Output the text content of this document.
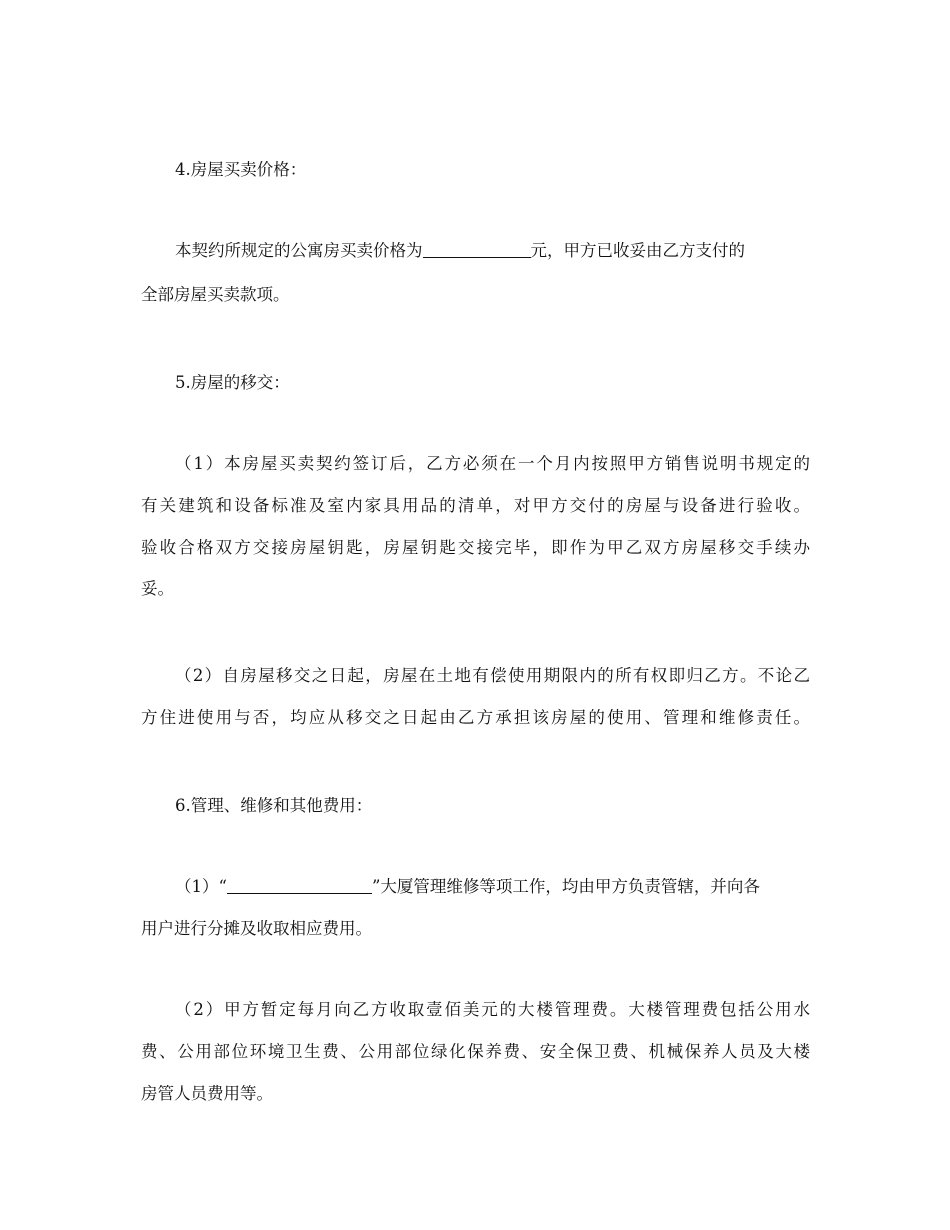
4.房屋买卖价格：
本契约所规定的公寓房买卖价格为	元，甲方已收妥由乙方支付的
全部房屋买卖款项。
5.房屋的移交：
（1）本房屋买卖契约签订后，乙方必须在一个月内按照甲方销售说明书规定的
有关建筑和设备标准及室内家具用品的清单，对甲方交付的房屋与设备进行验收。
验收合格双方交接房屋钥匙，房屋钥匙交接完毕，即作为甲乙双方房屋移交手续办
妥。
（2）自房屋移交之日起，房屋在土地有偿使用期限内的所有权即归乙方。不论乙
方住进使用与否，均应从移交之日起由乙方承担该房屋的使用、管理和维修责任。
6.管理、维修和其他费用：
（1）“	”大厦管理维修等项工作，均由甲方负责管辖，并向各
用户进行分摊及收取相应费用。
（2）甲方暂定每月向乙方收取壹佰美元的大楼管理费。大楼管理费包括公用水
费、公用部位环境卫生费、公用部位绿化保养费、安全保卫费、机械保养人员及大楼
房管人员费用等。
